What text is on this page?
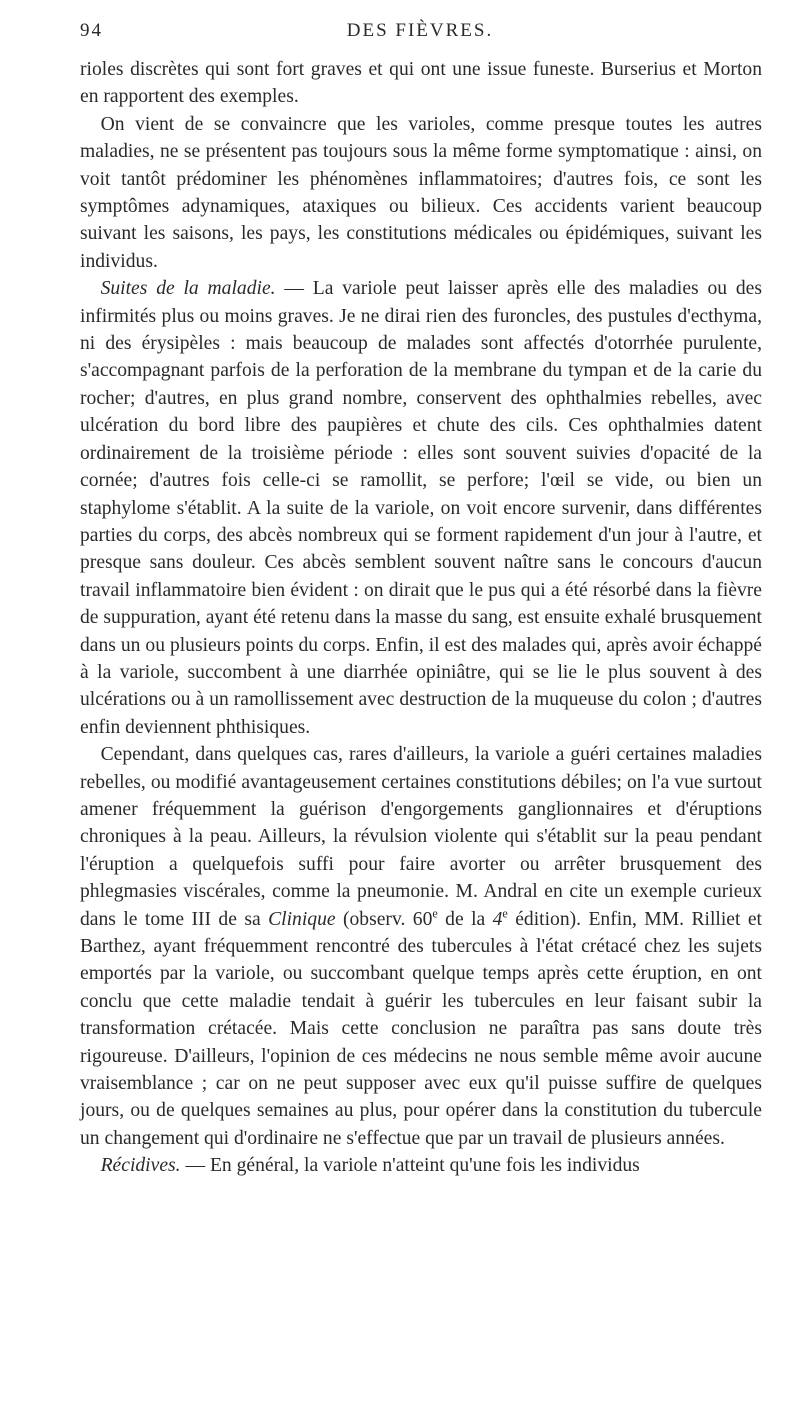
94	DES FIÈVRES.

rioles discrètes qui sont fort graves et qui ont une issue funeste. Burserius et Morton en rapportent des exemples.

On vient de se convaincre que les varioles, comme presque toutes les autres maladies, ne se présentent pas toujours sous la même forme symptomatique : ainsi, on voit tantôt prédominer les phénomènes inflammatoires; d'autres fois, ce sont les symptômes adynamiques, ataxiques ou bilieux. Ces accidents varient beaucoup suivant les saisons, les pays, les constitutions médicales ou épidémiques, suivant les individus.

Suites de la maladie. — La variole peut laisser après elle des maladies ou des infirmités plus ou moins graves. Je ne dirai rien des furoncles, des pustules d'ecthyma, ni des érysipèles : mais beaucoup de malades sont affectés d'otorrhée purulente, s'accompagnant parfois de la perforation de la membrane du tympan et de la carie du rocher; d'autres, en plus grand nombre, conservent des ophthalmies rebelles, avec ulcération du bord libre des paupières et chute des cils. Ces ophthalmies datent ordinairement de la troisième période : elles sont souvent suivies d'opacité de la cornée; d'autres fois celle-ci se ramollit, se perfore; l'œil se vide, ou bien un staphylome s'établit. A la suite de la variole, on voit encore survenir, dans différentes parties du corps, des abcès nombreux qui se forment rapidement d'un jour à l'autre, et presque sans douleur. Ces abcès semblent souvent naître sans le concours d'aucun travail inflammatoire bien évident : on dirait que le pus qui a été résorbé dans la fièvre de suppuration, ayant été retenu dans la masse du sang, est ensuite exhalé brusquement dans un ou plusieurs points du corps. Enfin, il est des malades qui, après avoir échappé à la variole, succombent à une diarrhée opiniâtre, qui se lie le plus souvent à des ulcérations ou à un ramollissement avec destruction de la muqueuse du colon ; d'autres enfin deviennent phthisiques.

Cependant, dans quelques cas, rares d'ailleurs, la variole a guéri certaines maladies rebelles, ou modifié avantageusement certaines constitutions débiles; on l'a vue surtout amener fréquemment la guérison d'engorgements ganglionnaires et d'éruptions chroniques à la peau. Ailleurs, la révulsion violente qui s'établit sur la peau pendant l'éruption a quelquefois suffi pour faire avorter ou arrêter brusquement des phlegmasies viscérales, comme la pneumonie. M. Andral en cite un exemple curieux dans le tome III de sa Clinique (observ. 60e de la 4e édition). Enfin, MM. Rilliet et Barthez, ayant fréquemment rencontré des tubercules à l'état crétacé chez les sujets emportés par la variole, ou succombant quelque temps après cette éruption, en ont conclu que cette maladie tendait à guérir les tubercules en leur faisant subir la transformation crétacée. Mais cette conclusion ne paraîtra pas sans doute très rigoureuse. D'ailleurs, l'opinion de ces médecins ne nous semble même avoir aucune vraisemblance ; car on ne peut supposer avec eux qu'il puisse suffire de quelques jours, ou de quelques semaines au plus, pour opérer dans la constitution du tubercule un changement qui d'ordinaire ne s'effectue que par un travail de plusieurs années.

Récidives. — En général, la variole n'atteint qu'une fois les individus
